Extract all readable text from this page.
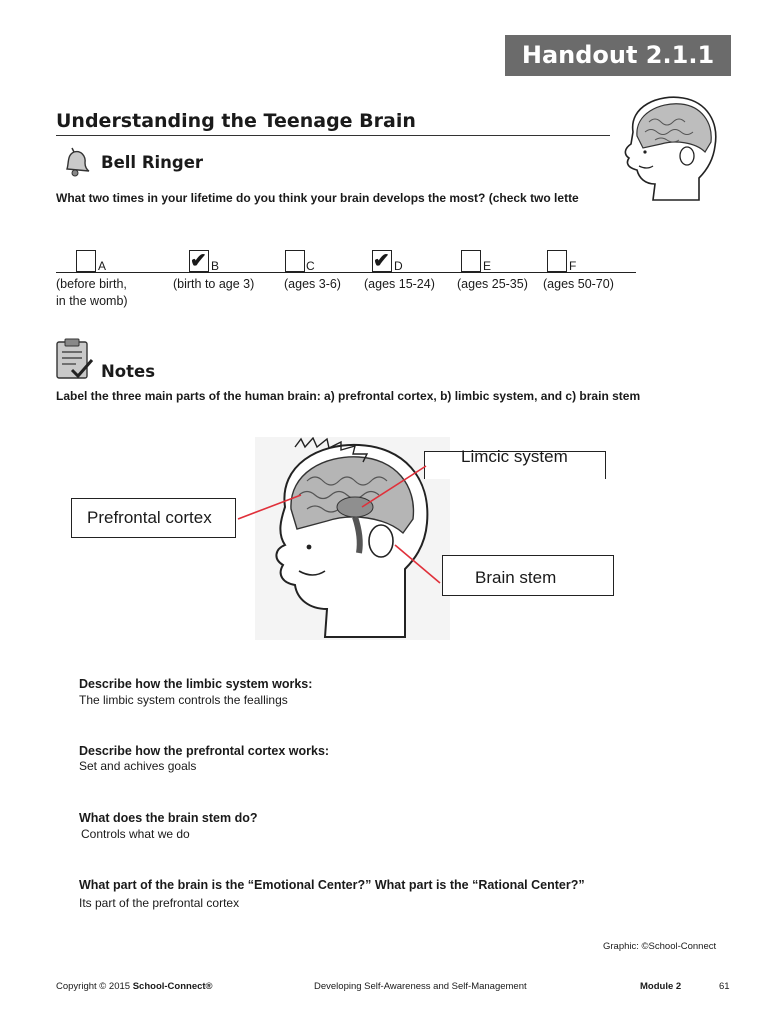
Handout 2.1.1
Understanding the Teenage Brain
Bell Ringer
What two times in your lifetime do you think your brain develops the most? (check two lette
A
(before birth,
in the womb)
✔ B
(birth to age 3)
C
(ages 3-6)
✔ D
(ages 15-24)
E
(ages 25-35)
F
(ages 50-70)
Notes
Label the three main parts of the human brain: a) prefrontal cortex, b) limbic system, and c) brain stem
Limcic system
Prefrontal cortex
Brain stem
Describe how the limbic system works:
The limbic system controls the feallings
Describe how the prefrontal cortex works:
Set and achives goals
What does the brain stem do?
Controls what we do
What part of the brain is the “Emotional Center?” What part is the “Rational Center?”
Its part of the prefrontal cortex
Graphic: ©School-Connect
Copyright © 2015 School-Connect®	Developing Self-Awareness and Self-Management	Module 2	61
